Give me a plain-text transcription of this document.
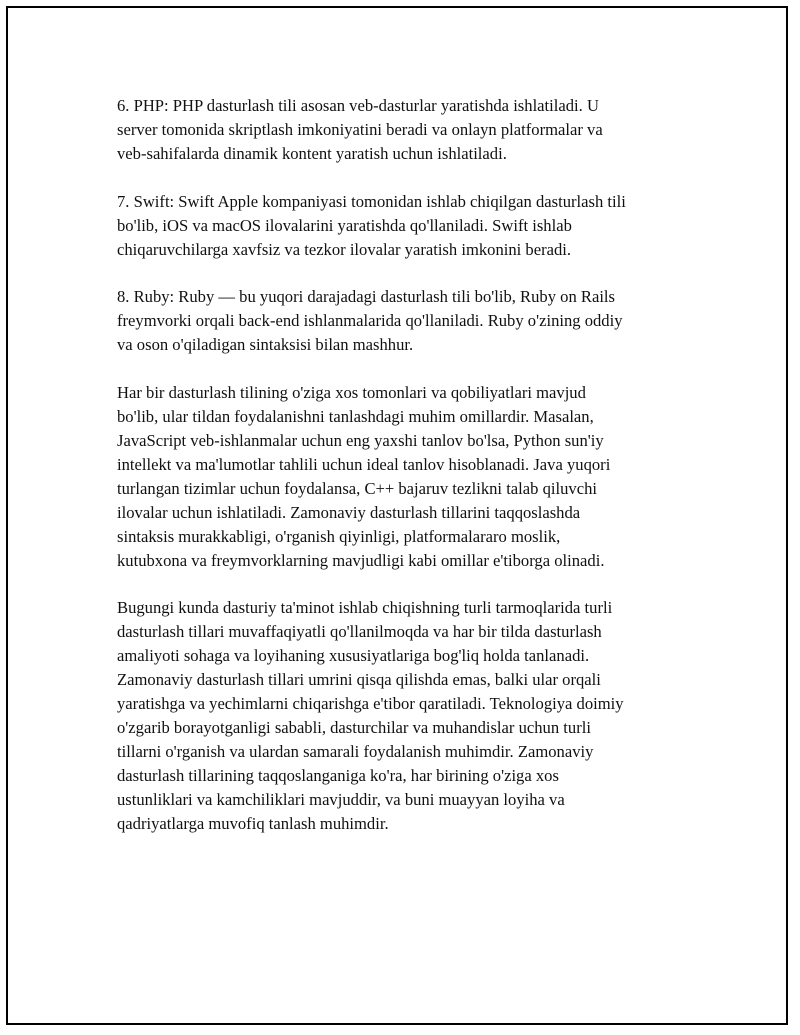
6. PHP: PHP dasturlash tili asosan veb-dasturlar yaratishda ishlatiladi. U
server tomonida skriptlash imkoniyatini beradi va onlayn platformalar va
veb-sahifalarda dinamik kontent yaratish uchun ishlatiladi.

7. Swift: Swift Apple kompaniyasi tomonidan ishlab chiqilgan dasturlash tili
bo'lib, iOS va macOS ilovalarini yaratishda qo'llaniladi. Swift ishlab
chiqaruvchilarga xavfsiz va tezkor ilovalar yaratish imkonini beradi.

8. Ruby: Ruby — bu yuqori darajadagi dasturlash tili bo'lib, Ruby on Rails
freymvorki orqali back-end ishlanmalarida qo'llaniladi. Ruby o'zining oddiy
va oson o'qiladigan sintaksisi bilan mashhur.

Har bir dasturlash tilining o'ziga xos tomonlari va qobiliyatlari mavjud
bo'lib, ular tildan foydalanishni tanlashdagi muhim omillardir. Masalan,
JavaScript veb-ishlanmalar uchun eng yaxshi tanlov bo'lsa, Python sun'iy
intellekt va ma'lumotlar tahlili uchun ideal tanlov hisoblanadi. Java yuqori
turlangan tizimlar uchun foydalansa, C++ bajaruv tezlikni talab qiluvchi
ilovalar uchun ishlatiladi. Zamonaviy dasturlash tillarini taqqoslashda
sintaksis murakkabligi, o'rganish qiyinligi, platformalararo moslik,
kutubxona va freymvorklarning mavjudligi kabi omillar e'tiborga olinadi.

Bugungi kunda dasturiy ta'minot ishlab chiqishning turli tarmoqlarida turli
dasturlash tillari muvaffaqiyatli qo'llanilmoqda va har bir tilda dasturlash
amaliyoti sohaga va loyihaning xususiyatlariga bog'liq holda tanlanadi.
Zamonaviy dasturlash tillari umrini qisqa qilishda emas, balki ular orqali
yaratishga va yechimlarni chiqarishga e'tibor qaratiladi. Teknologiya doimiy
o'zgarib borayotganligi sababli, dasturchilar va muhandislar uchun turli
tillarni o'rganish va ulardan samarali foydalanish muhimdir. Zamonaviy
dasturlash tillarining taqqoslanganiga ko'ra, har birining o'ziga xos
ustunliklari va kamchiliklari mavjuddir, va buni muayyan loyiha va
qadriyatlarga muvofiq tanlash muhimdir.
